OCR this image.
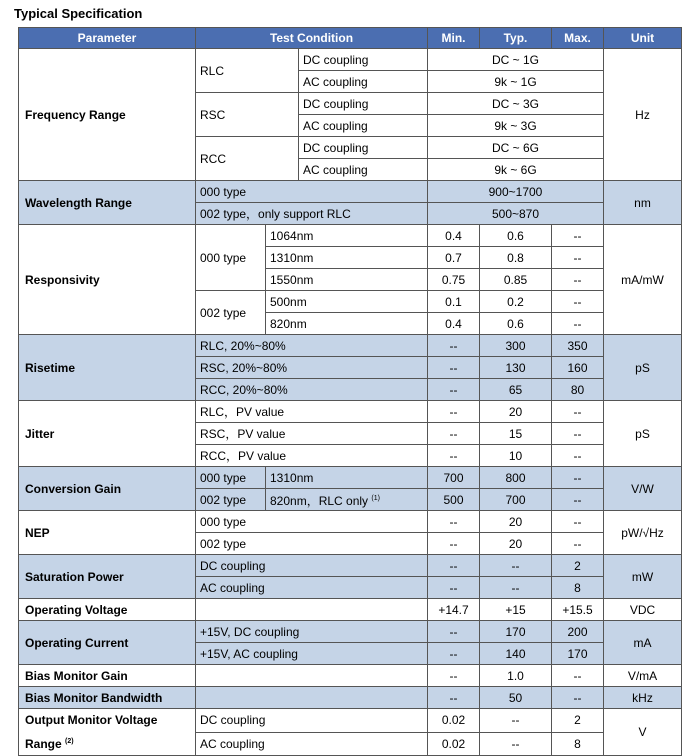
Typical Specification
Parameter	Test Condition			Min.	Typ.	Max.	Unit
Frequency Range	RLC		DC coupling	DC ~ 1G			Hz
			AC coupling	9k ~ 1G			
	RSC		DC coupling	DC ~ 3G			
			AC coupling	9k ~ 3G			
	RCC		DC coupling	DC ~ 6G			
			AC coupling	9k ~ 6G			
Wavelength Range	000 type			900~1700			nm
	002 type，only support RLC			500~870			
Responsivity	000 type	1064nm		0.4	0.6	--	mA/mW
		1310nm		0.7	0.8	--	
		1550nm		0.75	0.85	--	
	002 type	500nm		0.1	0.2	--	
		820nm		0.4	0.6	--	
Risetime	RLC, 20%~80%			--	300	350	pS
	RSC, 20%~80%			--	130	160	
	RCC, 20%~80%			--	65	80	
Jitter	RLC，PV value			--	20	--	pS
	RSC，PV value			--	15	--	
	RCC，PV value			--	10	--	
Conversion Gain	000 type	1310nm		700	800	--	V/W
	002 type	820nm，RLC only $^{(1)}$		500	700	--	
NEP	000 type			--	20	--	pW/√Hz
	002 type			--	20	--	
Saturation Power	DC coupling			--	--	2	mW
	AC coupling			--	--	8	
Operating Voltage				+14.7	+15	+15.5	VDC
Operating Current	+15V, DC coupling			--	170	200	mA
	+15V, AC coupling			--	140	170	
Bias Monitor Gain				--	1.0	--	V/mA
Bias Monitor Bandwidth				--	50	--	kHz
Output Monitor Voltage Range $^{(2)}$	DC coupling			0.02	--	2	V
	AC coupling			0.02	--	8	
